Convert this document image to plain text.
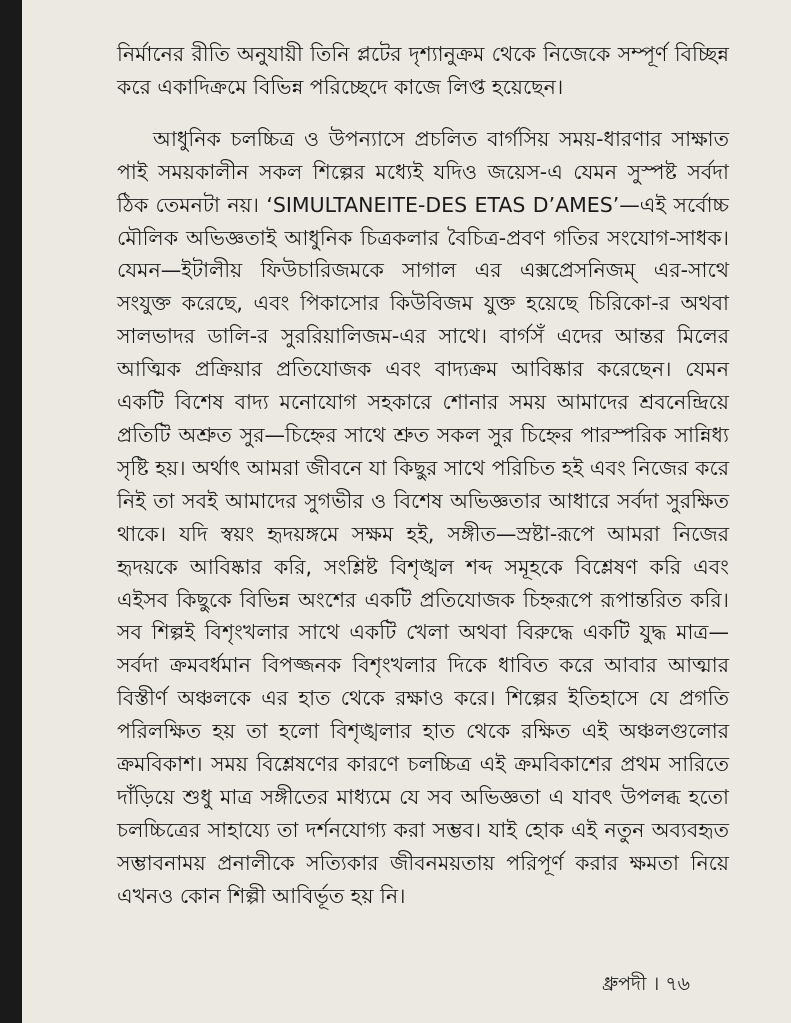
নির্মানের রীতি অনুযায়ী তিনি প্লটের দৃশ্যানুক্রম থেকে নিজেকে সম্পূর্ণ বিচ্ছিন্ন করে একাদিক্রমে বিভিন্ন পরিচ্ছেদে কাজে লিপ্ত হয়েছেন।

আধুনিক চলচ্চিত্র ও উপন্যাসে প্রচলিত বার্গসিয় সময়-ধারণার সাক্ষাত পাই সময়কালীন সকল শিল্পের মধ্যেই যদিও জয়েস-এ যেমন সুস্পষ্ট সর্বদা ঠিক তেমনটা নয়। ‘SIMULTANEITE-DES ETAS D’AMES’—এই সর্বোচ্চ মৌলিক অভিজ্ঞতাই আধুনিক চিত্রকলার বৈচিত্র-প্রবণ গতির সংযোগ-সাধক। যেমন—ইটালীয় ফিউচারিজমকে সাগাল এর এক্সপ্রেসনিজম্ এর-সাথে সংযুক্ত করেছে, এবং পিকাসোর কিউবিজম যুক্ত হয়েছে চিরিকো-র অথবা সালভাদর ডালি-র সুররিয়ালিজম-এর সাথে। বার্গসঁ এদের আন্তর মিলের আত্মিক প্রক্রিয়ার প্রতিযোজক এবং বাদ্যক্রম আবিষ্কার করেছেন। যেমন একটি বিশেষ বাদ্য মনোযোগ সহকারে শোনার সময় আমাদের শ্রবনেন্দ্রিয়ে প্রতিটি অশ্রুত সুর—চিহ্নের সাথে শ্রুত সকল সুর চিহ্নের পারস্পরিক সান্নিধ্য সৃষ্টি হয়। অর্থাৎ আমরা জীবনে যা কিছুর সাথে পরিচিত হই এবং নিজের করে নিই তা সবই আমাদের সুগভীর ও বিশেষ অভিজ্ঞতার আধারে সর্বদা সুরক্ষিত থাকে। যদি স্বয়ং হৃদয়ঙ্গমে সক্ষম হই, সঙ্গীত—স্রষ্টা-রূপে আমরা নিজের হৃদয়কে আবিষ্কার করি, সংশ্লিষ্ট বিশৃঙ্খল শব্দ সমূহকে বিশ্লেষণ করি এবং এইসব কিছুকে বিভিন্ন অংশের একটি প্রতিযোজক চিহ্নরূপে রূপান্তরিত করি। সব শিল্পই বিশৃংখলার সাথে একটি খেলা অথবা বিরুদ্ধে একটি যুদ্ধ মাত্র—সর্বদা ক্রমবর্ধমান বিপজ্জনক বিশৃংখলার দিকে ধাবিত করে আবার আত্মার বিস্তীর্ণ অঞ্চলকে এর হাত থেকে রক্ষাও করে। শিল্পের ইতিহাসে যে প্রগতি পরিলক্ষিত হয় তা হলো বিশৃঙ্খলার হাত থেকে রক্ষিত এই অঞ্চলগুলোর ক্রমবিকাশ। সময় বিশ্লেষণের কারণে চলচ্চিত্র এই ক্রমবিকাশের প্রথম সারিতে দাঁড়িয়ে শুধু মাত্র সঙ্গীতের মাধ্যমে যে সব অভিজ্ঞতা এ যাবৎ উপলব্ধ হতো চলচ্চিত্রের সাহায্যে তা দর্শনযোগ্য করা সম্ভব। যাই হোক এই নতুন অব্যবহৃত সম্ভাবনাময় প্রনালীকে সত্যিকার জীবনময়তায় পরিপূর্ণ করার ক্ষমতা নিয়ে এখনও কোন শিল্পী আবির্ভূত হয় নি।

ধ্রুপদী । ৭৬
